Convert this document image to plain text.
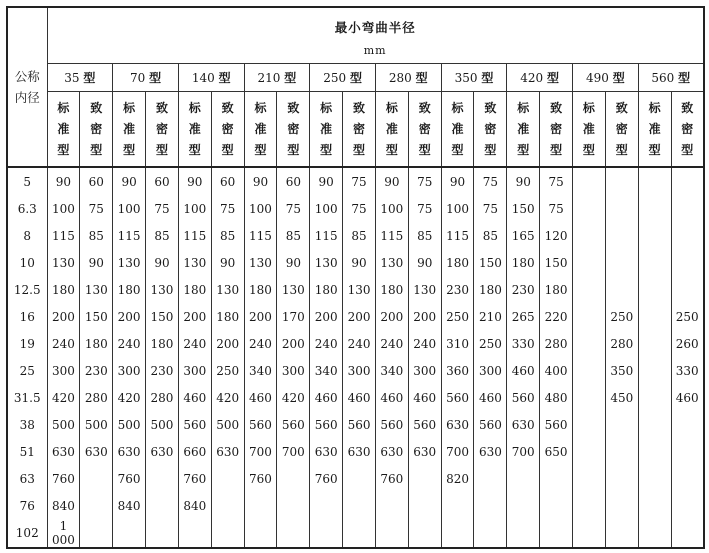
公称
内径	最小弯曲半径
mm																			

	35 型		70 型		140 型		210 型		250 型		280 型		350 型		420 型		490 型		560 型	
	标准型	致密型	标准型	致密型	标准型	致密型	标准型	致密型	标准型	致密型	标准型	致密型	标准型	致密型	标准型	致密型	标准型	致密型	标准型	致密型
5	90	60	90	60	90	60	90	60	90	75	90	75	90	75	90	75				
6.3	100	75	100	75	100	75	100	75	100	75	100	75	100	75	150	75				
8	115	85	115	85	115	85	115	85	115	85	115	85	115	85	165	120				
10	130	90	130	90	130	90	130	90	130	90	130	90	180	150	180	150				
12.5	180	130	180	130	180	130	180	130	180	130	180	130	230	180	230	180				
16	200	150	200	150	200	180	200	170	200	200	200	200	250	210	265	220		250		250
19	240	180	240	180	240	200	240	200	240	240	240	240	310	250	330	280		280		260
25	300	230	300	230	300	250	340	300	340	300	340	300	360	300	460	400		350		330
31.5	420	280	420	280	460	420	460	420	460	460	460	460	560	460	560	480		450		460
38	500	500	500	500	560	500	560	560	560	560	560	560	630	560	630	560				
51	630	630	630	630	660	630	700	700	630	630	630	630	700	630	700	650				
63	760		760		760		760		760		760		820							
76	840		840		840															
102	1 000																			
